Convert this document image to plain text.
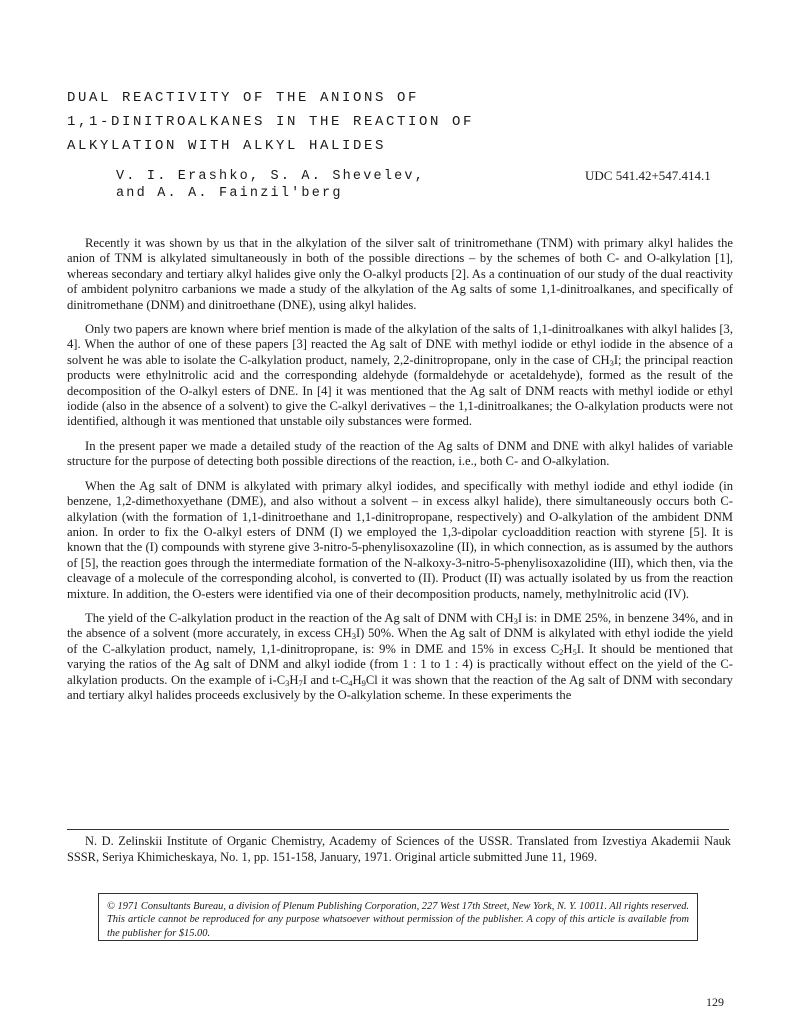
DUAL REACTIVITY OF THE ANIONS OF
1,1-DINITROALKANES IN THE REACTION OF
ALKYLATION WITH ALKYL HALIDES
V. I. Erashko, S. A. Shevelev,
and A. A. Fainzil'berg
UDC 541.42+547.414.1

Recently it was shown by us that in the alkylation of the silver salt of trinitromethane (TNM) with primary alkyl halides the anion of TNM is alkylated simultaneously in both of the possible directions – by the schemes of both C- and O-alkylation [1], whereas secondary and tertiary alkyl halides give only the O-alkyl products [2]. As a continuation of our study of the dual reactivity of ambident polynitro carbanions we made a study of the alkylation of the Ag salts of some 1,1-dinitroalkanes, and specifically of dinitromethane (DNM) and dinitroethane (DNE), using alkyl halides.

Only two papers are known where brief mention is made of the alkylation of the salts of 1,1-dinitroalkanes with alkyl halides [3, 4]. When the author of one of these papers [3] reacted the Ag salt of DNE with methyl iodide or ethyl iodide in the absence of a solvent he was able to isolate the C-alkylation product, namely, 2,2-dinitropropane, only in the case of $CH_3I$; the principal reaction products were ethylnitrolic acid and the corresponding aldehyde (formaldehyde or acetaldehyde), formed as the result of the decomposition of the O-alkyl esters of DNE. In [4] it was mentioned that the Ag salt of DNM reacts with methyl iodide or ethyl iodide (also in the absence of a solvent) to give the C-alkyl derivatives – the 1,1-dinitroalkanes; the O-alkylation products were not identified, although it was mentioned that unstable oily substances were formed.

In the present paper we made a detailed study of the reaction of the Ag salts of DNM and DNE with alkyl halides of variable structure for the purpose of detecting both possible directions of the reaction, i.e., both C- and O-alkylation.

When the Ag salt of DNM is alkylated with primary alkyl iodides, and specifically with methyl iodide and ethyl iodide (in benzene, 1,2-dimethoxyethane (DME), and also without a solvent – in excess alkyl halide), there simultaneously occurs both C-alkylation (with the formation of 1,1-dinitroethane and 1,1-dinitropropane, respectively) and O-alkylation of the ambident DNM anion. In order to fix the O-alkyl esters of DNM (I) we employed the 1,3-dipolar cycloaddition reaction with styrene [5]. It is known that the (I) compounds with styrene give 3-nitro-5-phenylisoxazoline (II), in which connection, as is assumed by the authors of [5], the reaction goes through the intermediate formation of the N-alkoxy-3-nitro-5-phenylisoxazolidine (III), which then, via the cleavage of a molecule of the corresponding alcohol, is converted to (II). Product (II) was actually isolated by us from the reaction mixture. In addition, the O-esters were identified via one of their decomposition products, namely, methylnitrolic acid (IV).

The yield of the C-alkylation product in the reaction of the Ag salt of DNM with $CH_3I$ is: in DME 25%, in benzene 34%, and in the absence of a solvent (more accurately, in excess $CH_3I$) 50%. When the Ag salt of DNM is alkylated with ethyl iodide the yield of the C-alkylation product, namely, 1,1-dinitropropane, is: 9% in DME and 15% in excess $C_2H_5I$. It should be mentioned that varying the ratios of the Ag salt of DNM and alkyl iodide (from 1 : 1 to 1 : 4) is practically without effect on the yield of the C-alkylation products. On the example of $i-C_3H_7I$ and $t-C_4H_9Cl$ it was shown that the reaction of the Ag salt of DNM with secondary and tertiary alkyl halides proceeds exclusively by the O-alkylation scheme. In these experiments the

N. D. Zelinskii Institute of Organic Chemistry, Academy of Sciences of the USSR. Translated from Izvestiya Akademii Nauk SSSR, Seriya Khimicheskaya, No. 1, pp. 151-158, January, 1971. Original article submitted June 11, 1969.
© 1971 Consultants Bureau, a division of Plenum Publishing Corporation, 227 West 17th Street, New York, N. Y. 10011. All rights reserved. This article cannot be reproduced for any purpose whatsoever without permission of the publisher. A copy of this article is available from the publisher for $15.00.
129
